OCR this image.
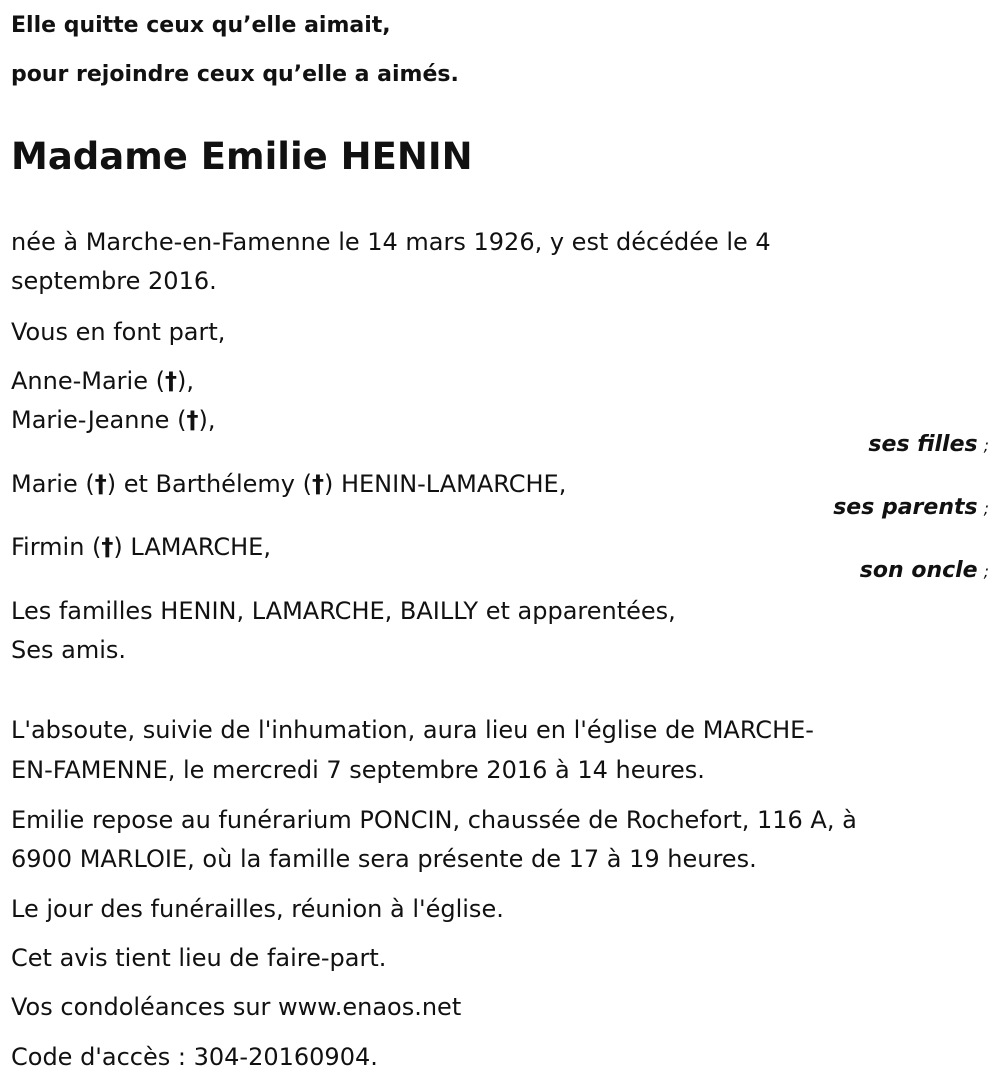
Elle quitte ceux qu’elle aimait,

pour rejoindre ceux qu’elle a aimés.

Madame Emilie HENIN

née à Marche-en-Famenne le 14 mars 1926, y est décédée le 4

septembre 2016.

Vous en font part,

Anne-Marie (†),

Marie-Jeanne (†),

ses filles ;

Marie (†) et Barthélemy (†) HENIN-LAMARCHE,

ses parents ;

Firmin (†) LAMARCHE,

son oncle ;

Les familles HENIN, LAMARCHE, BAILLY et apparentées,

Ses amis.

L'absoute, suivie de l'inhumation, aura lieu en l'église de MARCHE-

EN-FAMENNE, le mercredi 7 septembre 2016 à 14 heures.

Emilie repose au funérarium PONCIN, chaussée de Rochefort, 116 A, à

6900 MARLOIE, où la famille sera présente de 17 à 19 heures.

Le jour des funérailles, réunion à l'église.

Cet avis tient lieu de faire-part.

Vos condoléances sur www.enaos.net

Code d'accès : 304-20160904.
